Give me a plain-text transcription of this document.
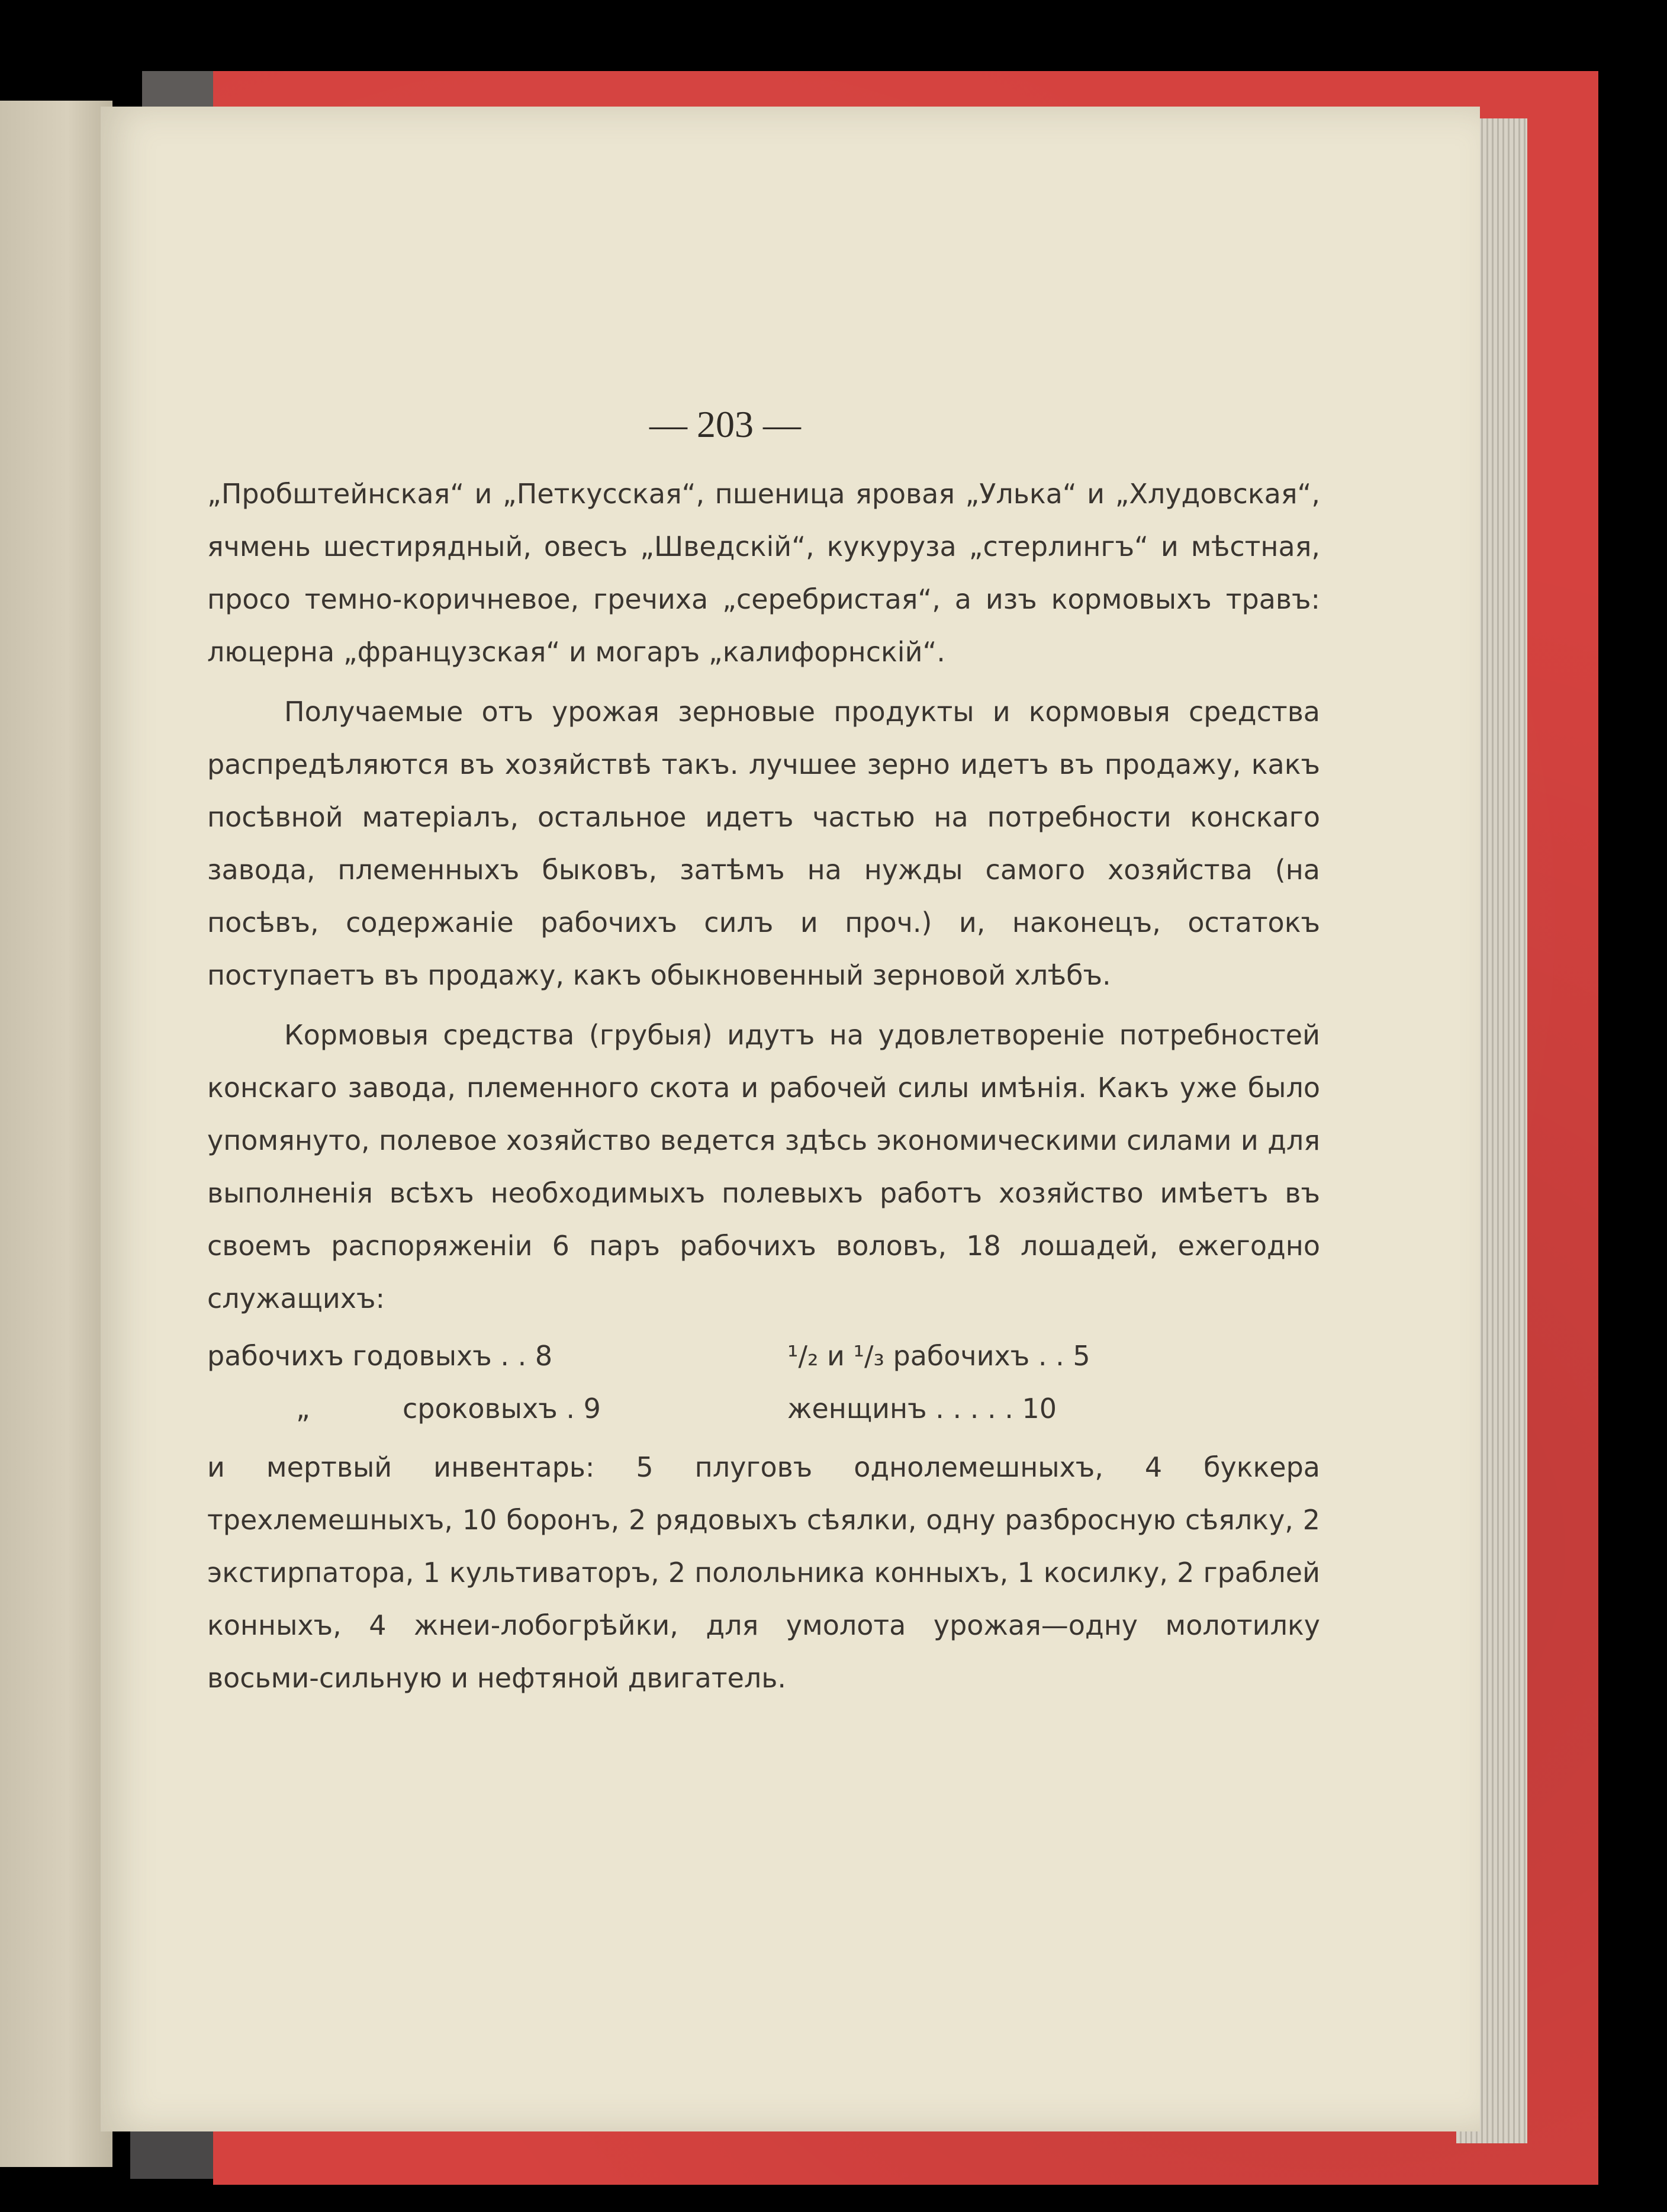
— 203 —

„Пробштейнская“ и „Петкусская“, пшеница яровая „Улька“ и „Хлудовская“, ячмень шестирядный, овесъ „Шведскій“, кукуруза „стерлингъ“ и мѣстная, просо темно-коричневое, гречиха „серебристая“, а изъ кормовыхъ травъ: люцерна „французская“ и могаръ „калифорнскій“.

Получаемые отъ урожая зерновые продукты и кормовыя средства распредѣляются въ хозяйствѣ такъ. лучшее зерно идетъ въ продажу, какъ посѣвной матеріалъ, остальное идетъ частью на потребности конскаго завода, племенныхъ быковъ, затѣмъ на нужды самого хозяйства (на посѣвъ, содержаніе рабочихъ силъ и проч.) и, наконецъ, остатокъ поступаетъ въ продажу, какъ обыкновенный зерновой хлѣбъ.

Кормовыя средства (грубыя) идутъ на удовлетвореніе потребностей конскаго завода, племенного скота и рабочей силы имѣнія. Какъ уже было упомянуто, полевое хозяйство ведется здѣсь экономическими силами и для выполненія всѣхъ необходимыхъ полевыхъ работъ хозяйство имѣетъ въ своемъ распоряженіи 6 паръ рабочихъ воловъ, 18 лошадей, ежегодно служащихъ:

рабочихъ годовыхъ . . 8	¹/₂ и ¹/₃ рабочихъ . . 5
„	сроковыхъ . 9	женщинъ . . . . . 10

и мертвый инвентарь: 5 плуговъ однолемешныхъ, 4 буккера трехлемешныхъ, 10 боронъ, 2 рядовыхъ сѣялки, одну разбросную сѣялку, 2 экстирпатора, 1 культиваторъ, 2 полольника конныхъ, 1 косилку, 2 граблей конныхъ, 4 жнеи-лобогрѣйки, для умолота урожая—одну молотилку восьми-сильную и нефтяной двигатель.
